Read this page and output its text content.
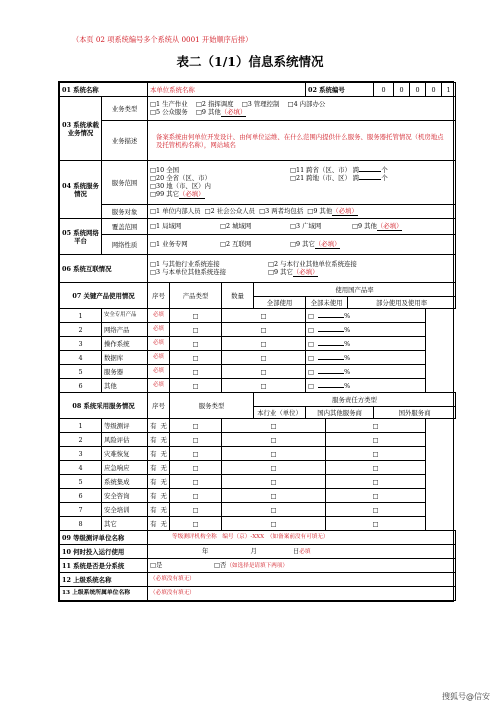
（本页 02 项系统编号多个系统从 0001 开始顺序后排）
表二（1/1）信息系统情况
01 系统名称		本单位系统名称				02 系统编号			0	0	0	0	1
03 系统承载业务情况	业务类型	□1 生产作业 □2 指挥调度 □3 管理控制 □4 内部办公
□5 公众服务 □9 其他（必填）											
	业务描述	备案系统由何单位开发设计、由何单位运维、在什么范围内提供什么服务、服务器托管情况（机房地点及托管机构名称），网站域名											
04 系统服务情况	服务范围	□10 全国 □11 跨省（区、市） 跨 个
□20 全省（区、市） □21 跨地（市、区） 跨 个
□30 地（市、区）内
□99 其它（必填）											
	服务对象	□1 单位内部人员 □2 社会公众人员 □3 两者均包括 □9 其他（必填）											
05 系统网络平台	覆盖范围	□1 局域网 □2 城域网 □3 广域网 □9 其他（必填）											
	网络性质	□1 业务专网 □2 互联网 □9 其它（必填）											
06 系统互联情况		□1 与其他行业系统连接 □2 与本行业其他单位系统连接
□3 与本单位其他系统连接 □9 其它（必填）											
07 关键产品使用情况		序号	产品类型	数量	使用国产品率								
					全部使用	全部未使用		部分使用及使用率					
1	安全专用产品	必填	□	□		□ %							
2	网络产品	必填	□	□		□ %							
3	操作系统	必填	□	□		□ %							
4	数据库	必填	□	□		□ %							
5	服务器	必填	□	□		□ %							
6	其他	必填	□	□		□ %							
08 系统采用服务情况		序号	服务类型		服务责任方类型								
					本行业（单位）	国内其他服务商			国外服务商				
1	等级测评	有 无	□	□			□						
2	风险评估	有 无	□	□			□						
3	灾难恢复	有 无	□	□			□						
4	应急响应	有 无	□	□			□						
5	系统集成	有 无	□	□			□						
6	安全咨询	有 无	□	□			□						
7	安全培训	有 无	□	□			□						
8	其它	有 无	□	□			□						
09 等级测评单位名称		等级测评机构全称　编号（京）-XXX　（如备案前没有可填无）											
10 何时投入运行使用		年 月 日必填											
11 系统是否是分系统		□是 □否（如选择是请填下两项）											
12 上级系统名称		（必填没有填无）											
13 上级系统所属单位名称		（必填没有填无）											
搜狐号@信安
